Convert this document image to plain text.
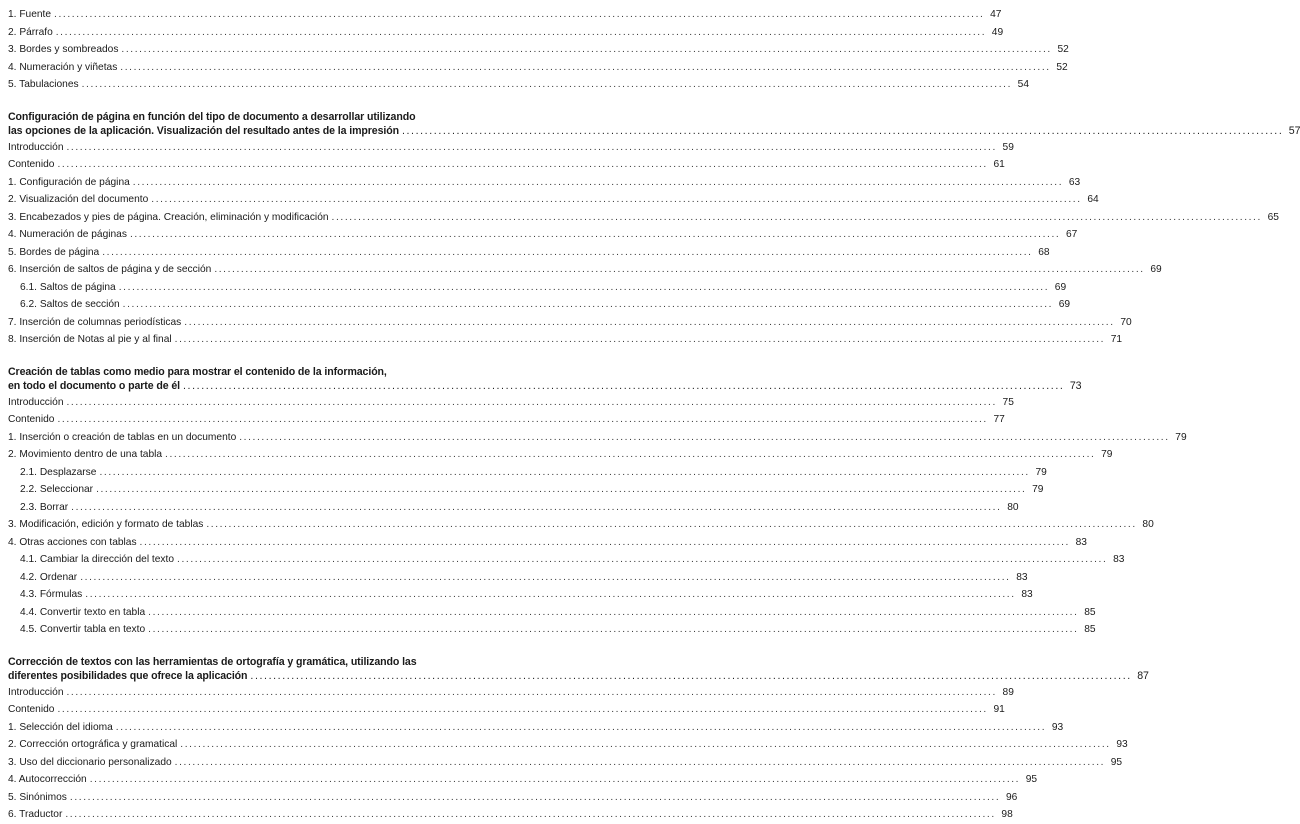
1. Fuente .....	47
2. Párrafo .....	49
3. Bordes y sombreados .....	52
4. Numeración y viñetas .....	52
5. Tabulaciones .....	54
Configuración de página en función del tipo de documento a desarrollar utilizando
las opciones de la aplicación. Visualización del resultado antes de la impresión .....	57
Introducción .....	59
Contenido .....	61
1. Configuración de página .....	63
2. Visualización del documento .....	64
3. Encabezados y pies de página. Creación, eliminación y modificación .....	65
4. Numeración de páginas .....	67
5. Bordes de página .....	68
6. Inserción de saltos de página y de sección .....	69
6.1. Saltos de página .....	69
6.2. Saltos de sección .....	69
7. Inserción de columnas periodísticas .....	70
8. Inserción de Notas al pie y al final .....	71
Creación de tablas como medio para mostrar el contenido de la información,
en todo el documento o parte de él .....	73
Introducción .....	75
Contenido .....	77
1. Inserción o creación de tablas en un documento .....	79
2. Movimiento dentro de una tabla .....	79
2.1. Desplazarse .....	79
2.2. Seleccionar .....	79
2.3. Borrar .....	80
3. Modificación, edición y formato de tablas .....	80
4. Otras acciones con tablas .....	83
4.1. Cambiar la dirección del texto .....	83
4.2. Ordenar .....	83
4.3. Fórmulas .....	83
4.4. Convertir texto en tabla .....	85
4.5. Convertir tabla en texto .....	85
Corrección de textos con las herramientas de ortografía y gramática, utilizando las
diferentes posibilidades que ofrece la aplicación .....	87
Introducción .....	89
Contenido .....	91
1. Selección del idioma .....	93
2. Corrección ortográfica y gramatical .....	93
3. Uso del diccionario personalizado .....	95
4. Autocorrección .....	95
5. Sinónimos .....	96
6. Traductor .....	98
